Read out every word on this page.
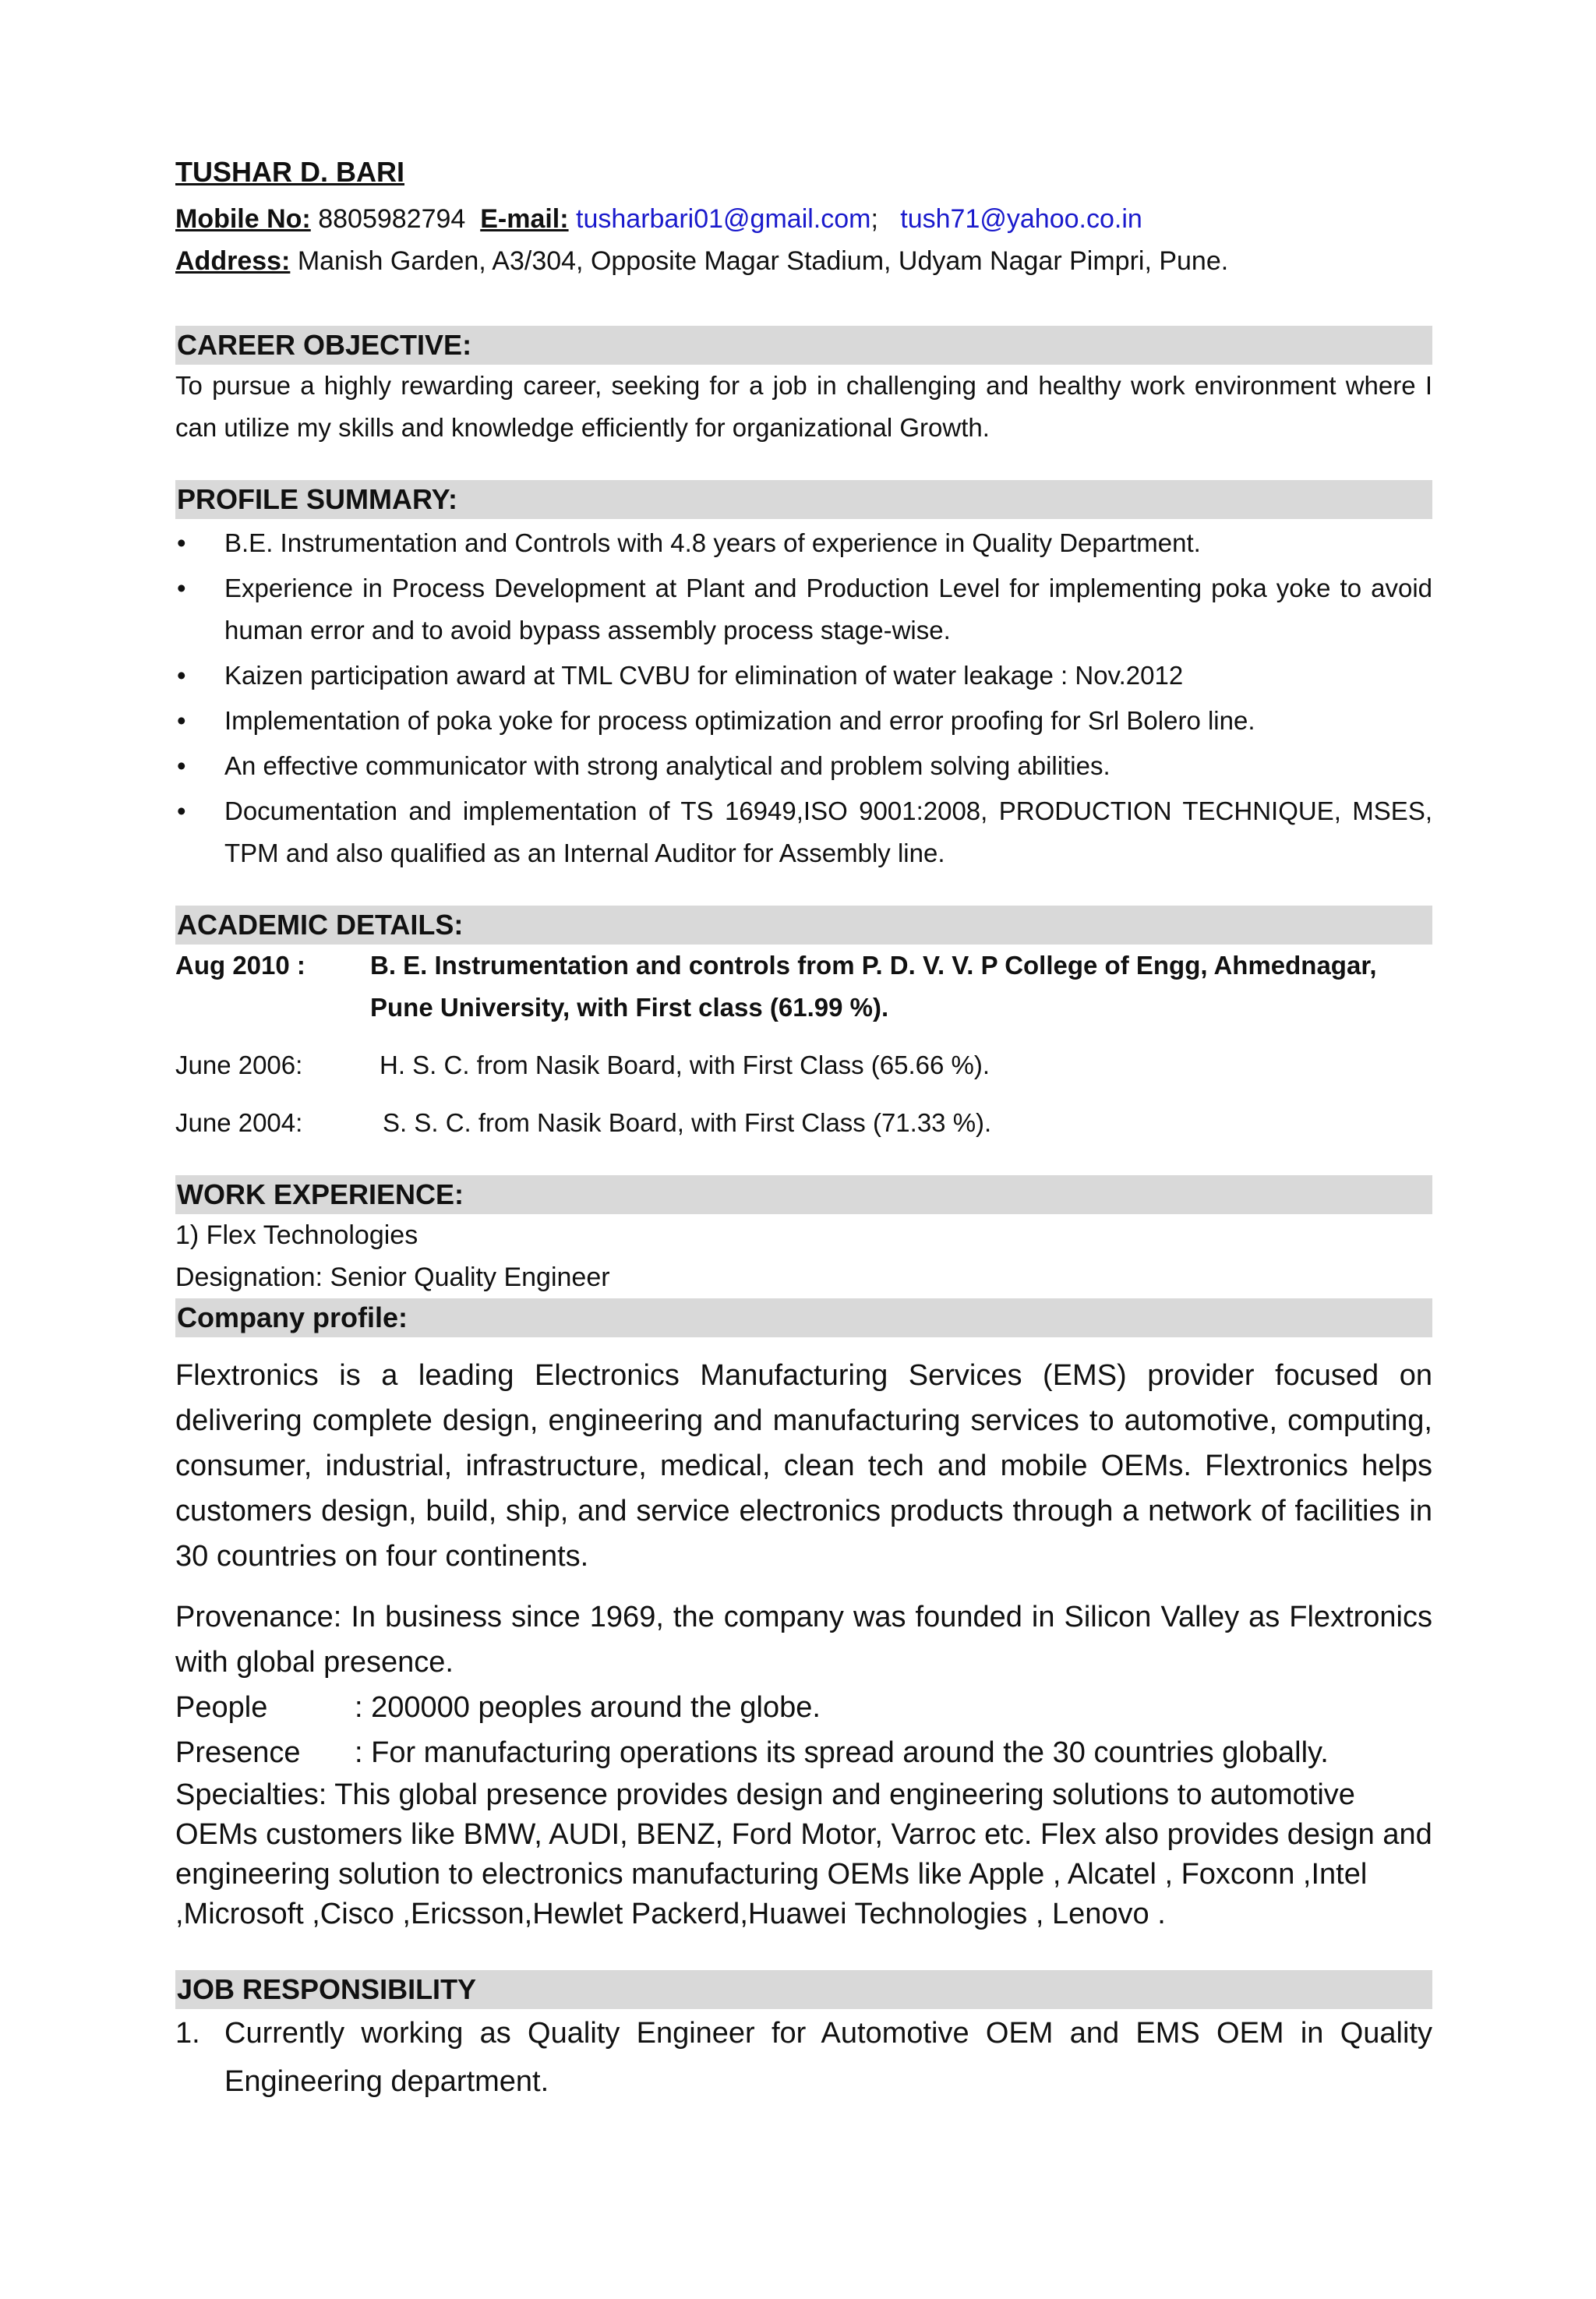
TUSHAR D. BARI
Mobile No: 8805982794 E-mail: tusharbari01@gmail.com; tush71@yahoo.co.in
Address: Manish Garden, A3/304, Opposite Magar Stadium, Udyam Nagar Pimpri, Pune.
CAREER OBJECTIVE:
To pursue a highly rewarding career, seeking for a job in challenging and healthy work environment where I can utilize my skills and knowledge efficiently for organizational Growth.
PROFILE SUMMARY:
• B.E. Instrumentation and Controls with 4.8 years of experience in Quality Department.
• Experience in Process Development at Plant and Production Level for implementing poka yoke to avoid human error and to avoid bypass assembly process stage-wise.
• Kaizen participation award at TML CVBU for elimination of water leakage : Nov.2012
• Implementation of poka yoke for process optimization and error proofing for Srl Bolero line.
• An effective communicator with strong analytical and problem solving abilities.
• Documentation and implementation of TS 16949,ISO 9001:2008, PRODUCTION TECHNIQUE, MSES, TPM and also qualified as an Internal Auditor for Assembly line.
ACADEMIC DETAILS:
Aug 2010 :	B. E. Instrumentation and controls from P. D. V. V. P College of Engg, Ahmednagar, Pune University, with First class (61.99 %).
June 2006:	H. S. C. from Nasik Board, with First Class (65.66 %).
June 2004:	S. S. C. from Nasik Board, with First Class (71.33 %).
WORK EXPERIENCE:
1) Flex Technologies
Designation: Senior Quality Engineer
Company profile:
Flextronics is a leading Electronics Manufacturing Services (EMS) provider focused on delivering complete design, engineering and manufacturing services to automotive, computing, consumer, industrial, infrastructure, medical, clean tech and mobile OEMs. Flextronics helps customers design, build, ship, and service electronics products through a network of facilities in 30 countries on four continents.
Provenance: In business since 1969, the company was founded in Silicon Valley as Flextronics with global presence.
People	: 200000 peoples around the globe.
Presence	: For manufacturing operations its spread around the 30 countries globally.
Specialties: This global presence provides design and engineering solutions to automotive OEMs customers like BMW, AUDI, BENZ, Ford Motor, Varroc etc. Flex also provides design and engineering solution to electronics manufacturing OEMs like Apple , Alcatel , Foxconn ,Intel ,Microsoft ,Cisco ,Ericsson,Hewlet Packerd,Huawei Technologies , Lenovo .
JOB RESPONSIBILITY
1. Currently working as Quality Engineer for Automotive OEM and EMS OEM in Quality Engineering department.
